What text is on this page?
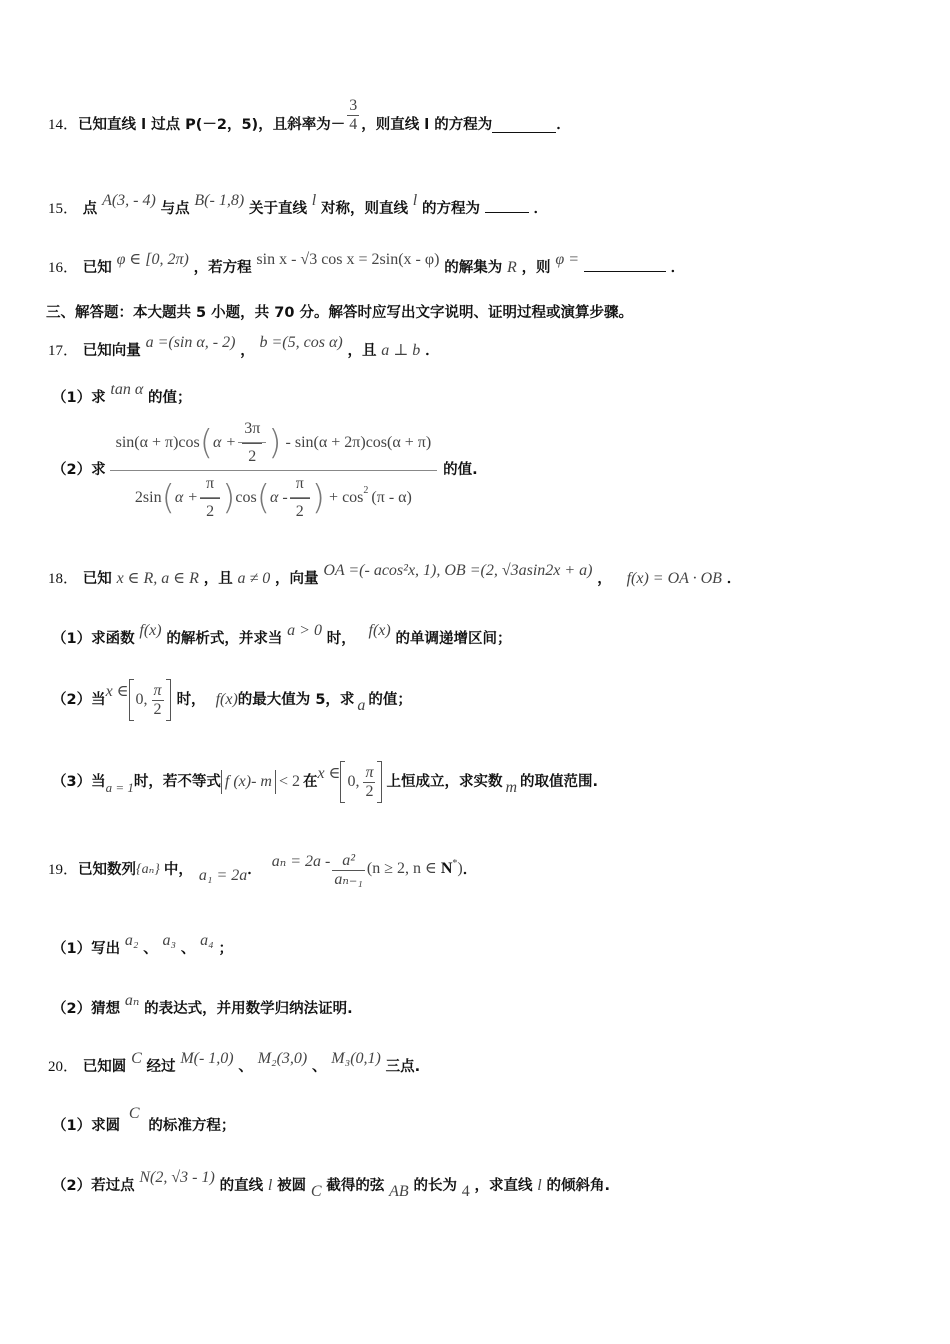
14． 已知直线 l 过点 P(－2，5)，且斜率为－ $\frac{3}{4}$ ，则直线 l 的方程为	．
15． 点 A(3, - 4) 与点 B(- 1,8) 关于直线 l 对称，则直线 l 的方程为	．
16． 已知 φ ∈ [0, 2π) ，若方程 sin x - √3 cos x = 2sin(x - φ) 的解集为 R ，则 φ =	．
三、解答题：本大题共 5 小题，共 70 分。解答时应写出文字说明、证明过程或演算步骤。
17． 已知向量 a =(sin α, - 2) ， b =(5, cos α) ，且 a ⊥ b ．
（1）求 tan α 的值；
（2）求
sin(α + π)cos ( $\alpha + \frac{3\pi}{2}$ ) - sin(α + 2π)cos(α + π)
2sin ( $\alpha + \frac{\pi}{2}$ ) cos ( α - $\frac{\pi}{2}$ ) + cos 2 (π - α)
的值.
18． 已知 x ∈ R, a ∈ R ，且 a ≠ 0 ，向量 OA =(- acos²x, 1), OB =(2, √3asin2x + a) ， f(x) = OA · OB ．
（1）求函数 f(x) 的解析式，并求当 a > 0 时， f(x) 的单调递增区间；
（2）当 x ∈ 0, $\frac{\pi}{2}$ 时， f(x) 的最大值为 5，求 a 的值；
（3）当 a = 1 时，若不等式 f (x)- m < 2 在 x ∈ 0, $\frac{\pi}{2}$ 上恒成立，求实数 m 的取值范围.
19． 已知数列 {aₙ} 中， a₁ = 2a ． $a_n = 2a - \frac{\text{a²}}{\text{aₙ₋₁}} (n \ge 2$, n ∈ N*) ．
（1）写出 a₂ 、 a₃ 、 a₄ ；
（2）猜想 aₙ 的表达式，并用数学归纳法证明.
20． 已知圆 C 经过 M(- 1,0) 、 M₂(3,0) 、 M₃(0,1) 三点.
（1）求圆 C 的标准方程；
（2）若过点 N(2, √3 - 1) 的直线 l 被圆 C 截得的弦 AB 的长为 4 ，求直线 l 的倾斜角.
